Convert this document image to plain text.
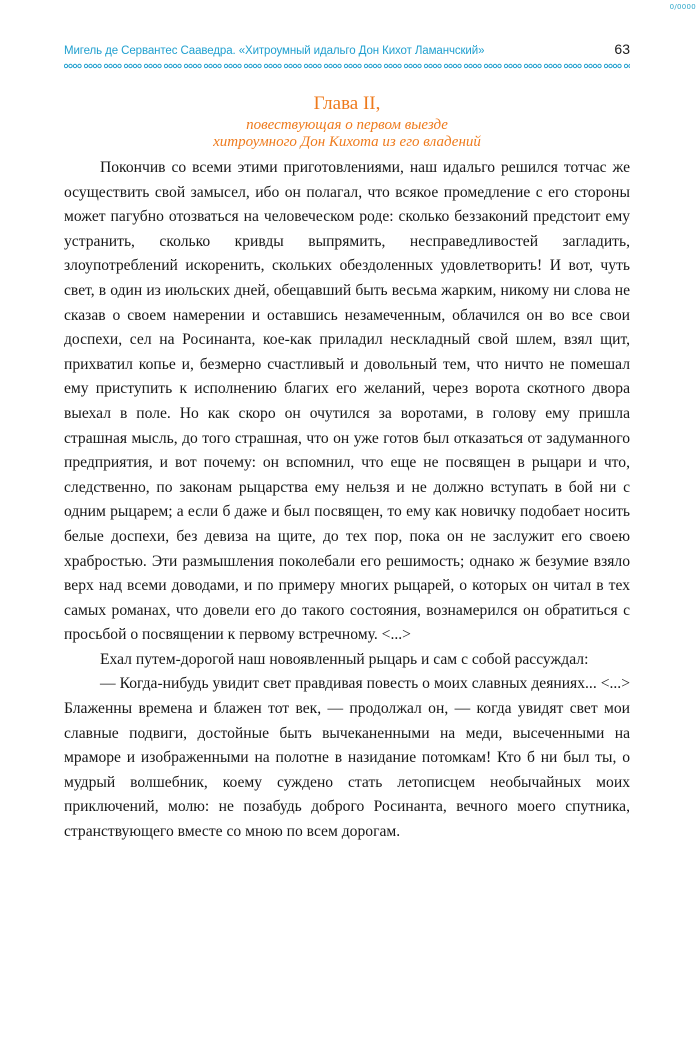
0/0000
Мигель де Сервантес Сааведра. «Хитроумный идальго Дон Кихот Ламанчский»	63
Глава II,
повествующая о первом выезде
хитроумного Дон Кихота из его владений

Покончив со всеми этими приготовлениями, наш идальго решился тотчас же осуществить свой замысел, ибо он полагал, что всякое промедление с его стороны может пагубно отозваться на человеческом роде: сколько беззаконий предстоит ему устранить, сколько кривды выпрямить, несправедливостей загладить, злоупотреблений искоренить, скольких обездоленных удовлетворить! И вот, чуть свет, в один из июльских дней, обещавший быть весьма жарким, никому ни слова не сказав о своем намерении и оставшись незамеченным, облачился он во все свои доспехи, сел на Росинанта, кое-как приладил нескладный свой шлем, взял щит, прихватил копье и, безмерно счастливый и довольный тем, что ничто не помешал ему приступить к исполнению благих его желаний, через ворота скотного двора выехал в поле. Но как скоро он очутился за воротами, в голову ему пришла страшная мысль, до того страшная, что он уже готов был отказаться от задуманного предприятия, и вот почему: он вспомнил, что еще не посвящен в рыцари и что, следственно, по законам рыцарства ему нельзя и не должно вступать в бой ни с одним рыцарем; а если б даже и был посвящен, то ему как новичку подобает носить белые доспехи, без девиза на щите, до тех пор, пока он не заслужит его своею храбростью. Эти размышления поколебали его решимость; однако ж безумие взяло верх над всеми доводами, и по примеру многих рыцарей, о которых он читал в тех самых романах, что довели его до такого состояния, вознамерился он обратиться с просьбой о посвящении к первому встречному. <...>

Ехал путем-дорогой наш новоявленный рыцарь и сам с собой рассуждал:

— Когда-нибудь увидит свет правдивая повесть о моих славных деяниях... <...> Блаженны времена и блажен тот век, — продолжал он, — когда увидят свет мои славные подвиги, достойные быть вычеканенными на меди, высеченными на мраморе и изображенными на полотне в назидание потомкам! Кто б ни был ты, о мудрый волшебник, коему суждено стать летописцем необычайных моих приключений, молю: не позабудь доброго Росинанта, вечного моего спутника, странствующего вместе со мною по всем дорогам.
